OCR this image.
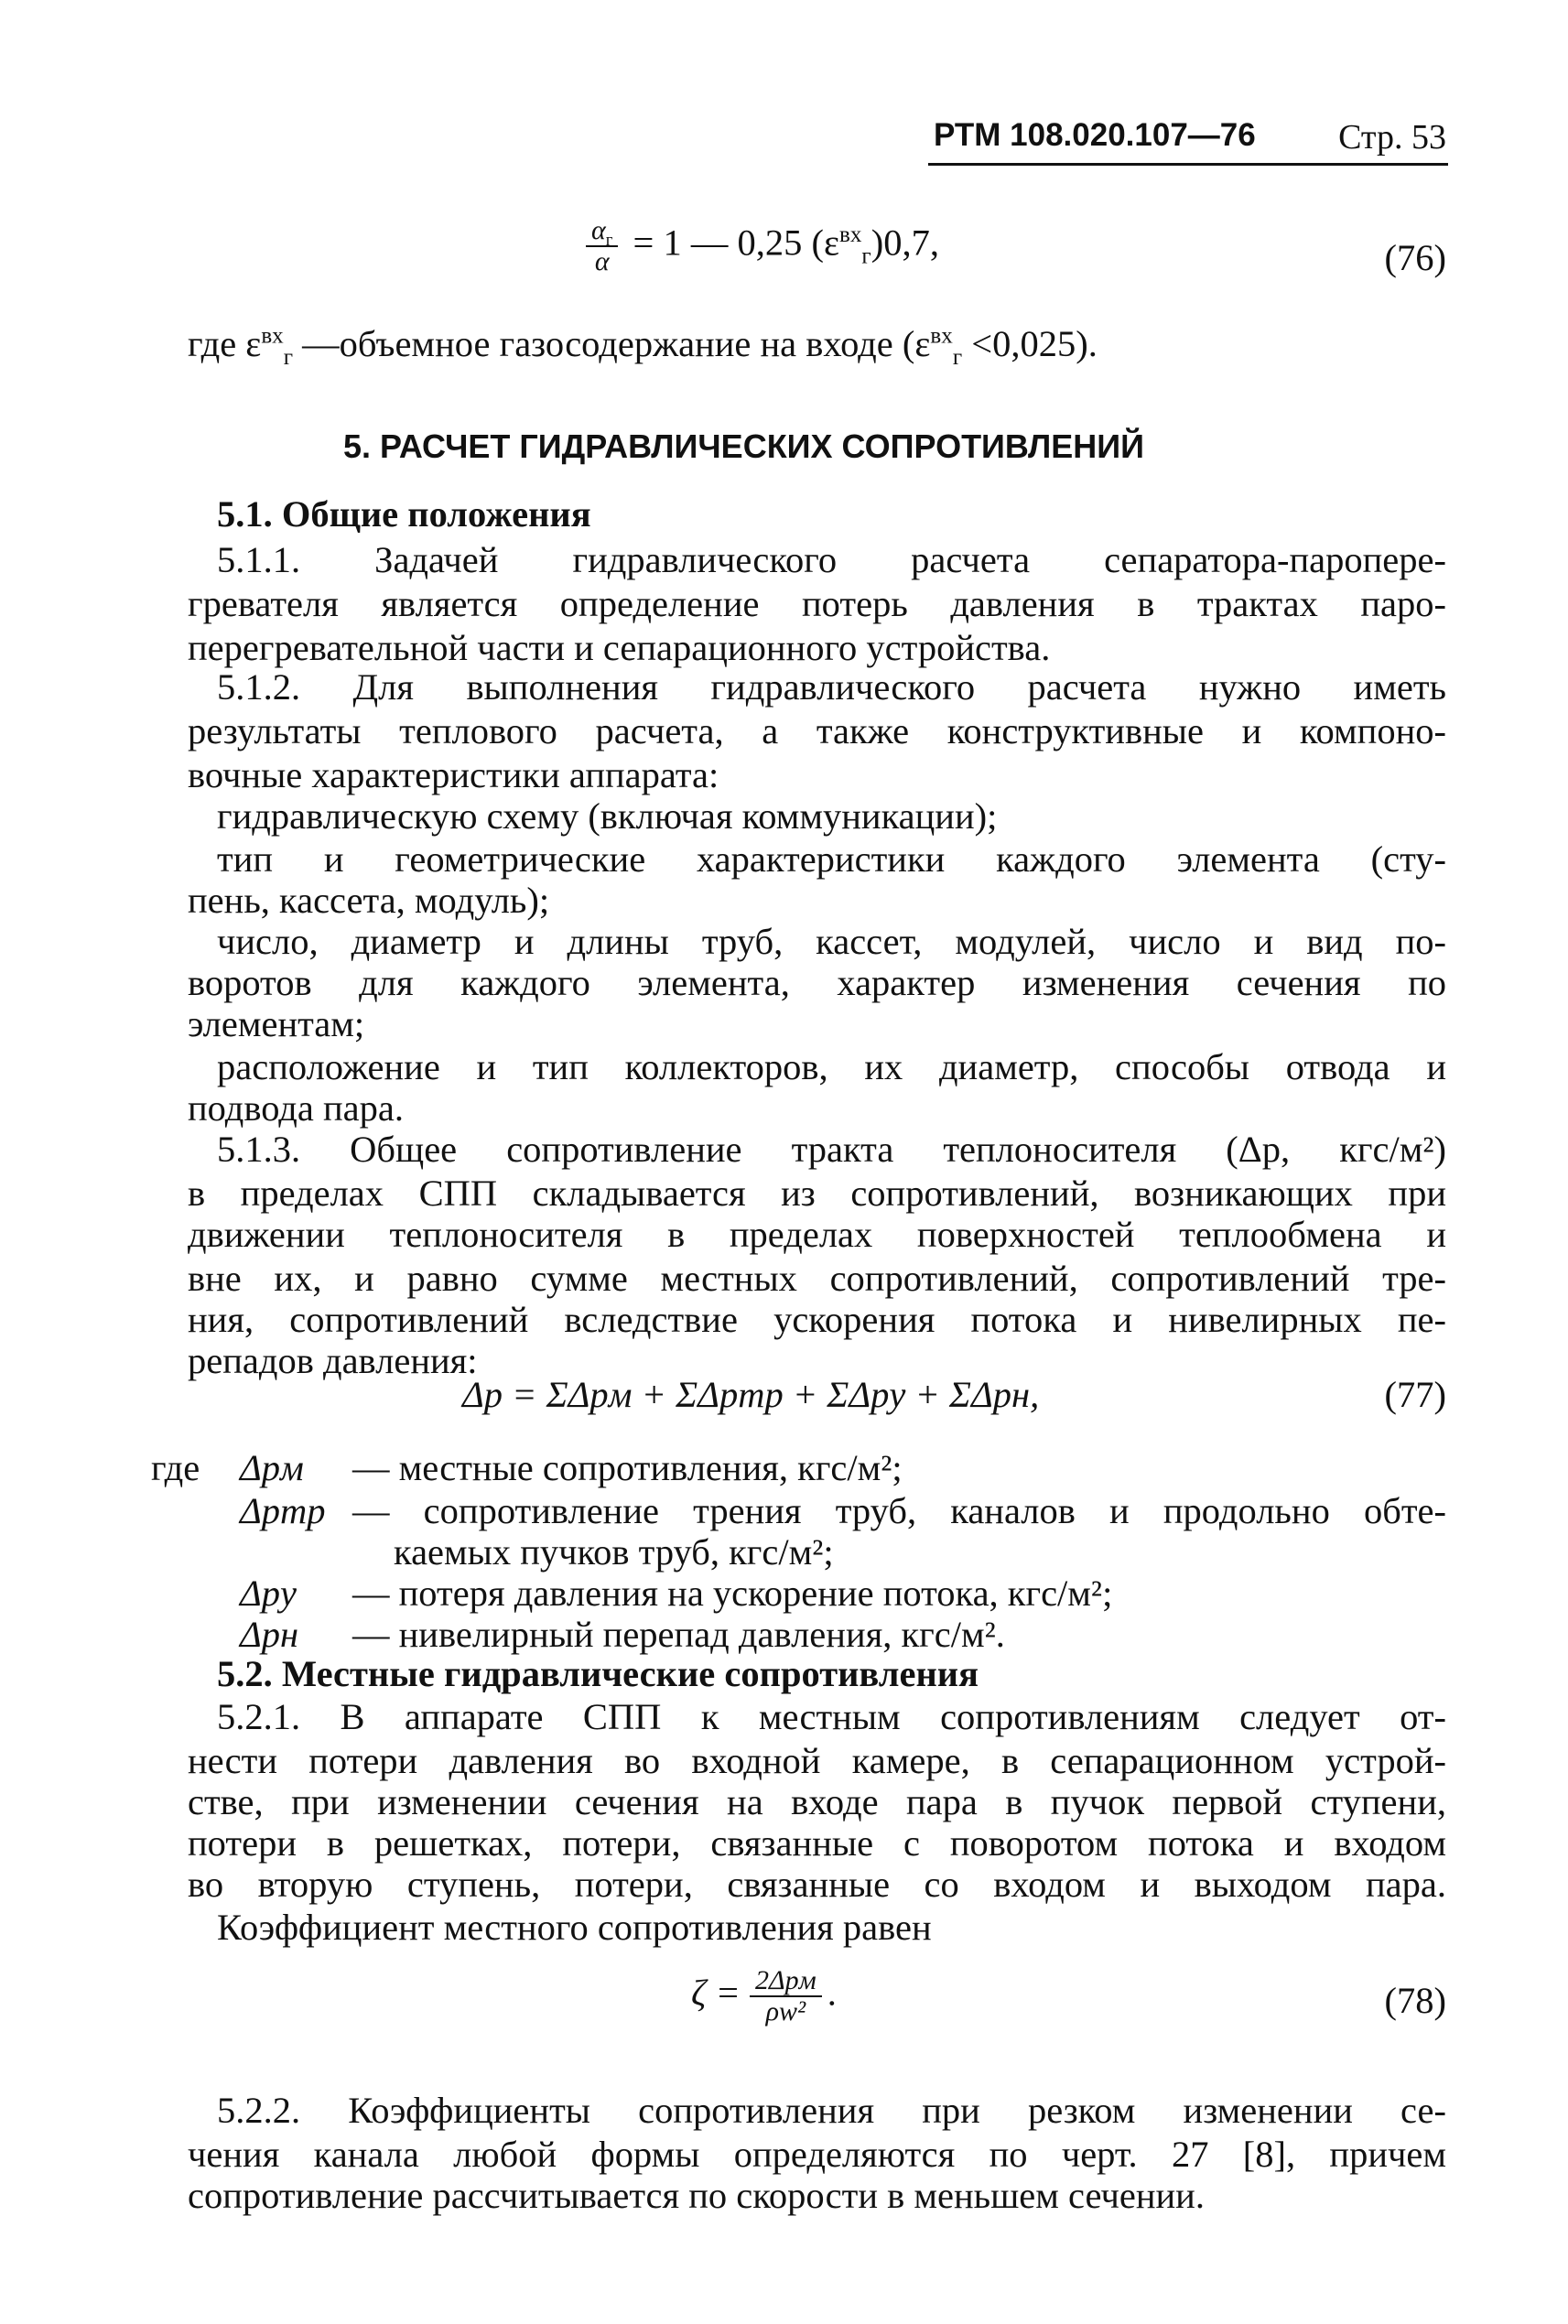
РТМ 108.020.107—76 Стр. 53
$\frac{\alpha_г}{\alpha} = 1$ — 0,25 $(\varepsilon^{вх}_г)0,7$,	(76)
где $\varepsilon^{вх}_г$ —объемное газосодержание на входе $(\varepsilon^{вх}_г <0,025)$.
5. РАСЧЕТ ГИДРАВЛИЧЕСКИХ СОПРОТИВЛЕНИЙ
5.1. Общие положения
5.1.1. Задачей гидравлического расчета сепаратора-пароперe-
гревателя является определение потерь давления в трактах паро-
перегревательной части и сепарационного устройства.
5.1.2. Для выполнения гидравлического расчета нужно иметь
результаты теплового расчета, а также конструктивные и компоно-
вочные характеристики аппарата:
гидравлическую схему (включая коммуникации);
тип и геометрические характеристики каждого элемента (сту-
пень, кассета, модуль);
число, диаметр и длины труб, кассет, модулей, число и вид по-
воротов для каждого элемента, характер изменения сечения по
элементам;
расположение и тип коллекторов, их диаметр, способы отвода и
подвода пара.
5.1.3. Общее сопротивление тракта теплоносителя (Δp, кгс/м²)
в пределах СПП складывается из сопротивлений, возникающих при
движении теплоносителя в пределах поверхностей теплообмена и
вне их, и равно сумме местных сопротивлений, сопротивлений тре-
ния, сопротивлений вследствие ускорения потока и нивелирных пе-
репадов давления:
Δp = ΣΔpм + ΣΔpтр + ΣΔpу + ΣΔpн,	(77)
где Δpм — местные сопротивления, кгс/м²;
Δpтр — сопротивление трения труб, каналов и продольно обте-
каемых пучков труб, кгс/м²;
Δpу — потеря давления на ускорение потока, кгс/м²;
Δpн — нивелирный перепад давления, кгс/м².
5.2. Местные гидравлические сопротивления
5.2.1. В аппарате СПП к местным сопротивлениям следует от-
нести потери давления во входной камере, в сепарационном устрой-
стве, при изменении сечения на входе пара в пучок первой ступени,
потери в решетках, потери, связанные с поворотом потока и входом
во вторую ступень, потери, связанные со входом и выходом пара.
Коэффициент местного сопротивления равен
$\zeta = \frac{\text{2Δpм}}{\text{ρw²}}$ .	(78)
5.2.2. Коэффициенты сопротивления при резком изменении се-
чения канала любой формы определяются по черт. 27 [8], причем
сопротивление рассчитывается по скорости в меньшем сечении.
